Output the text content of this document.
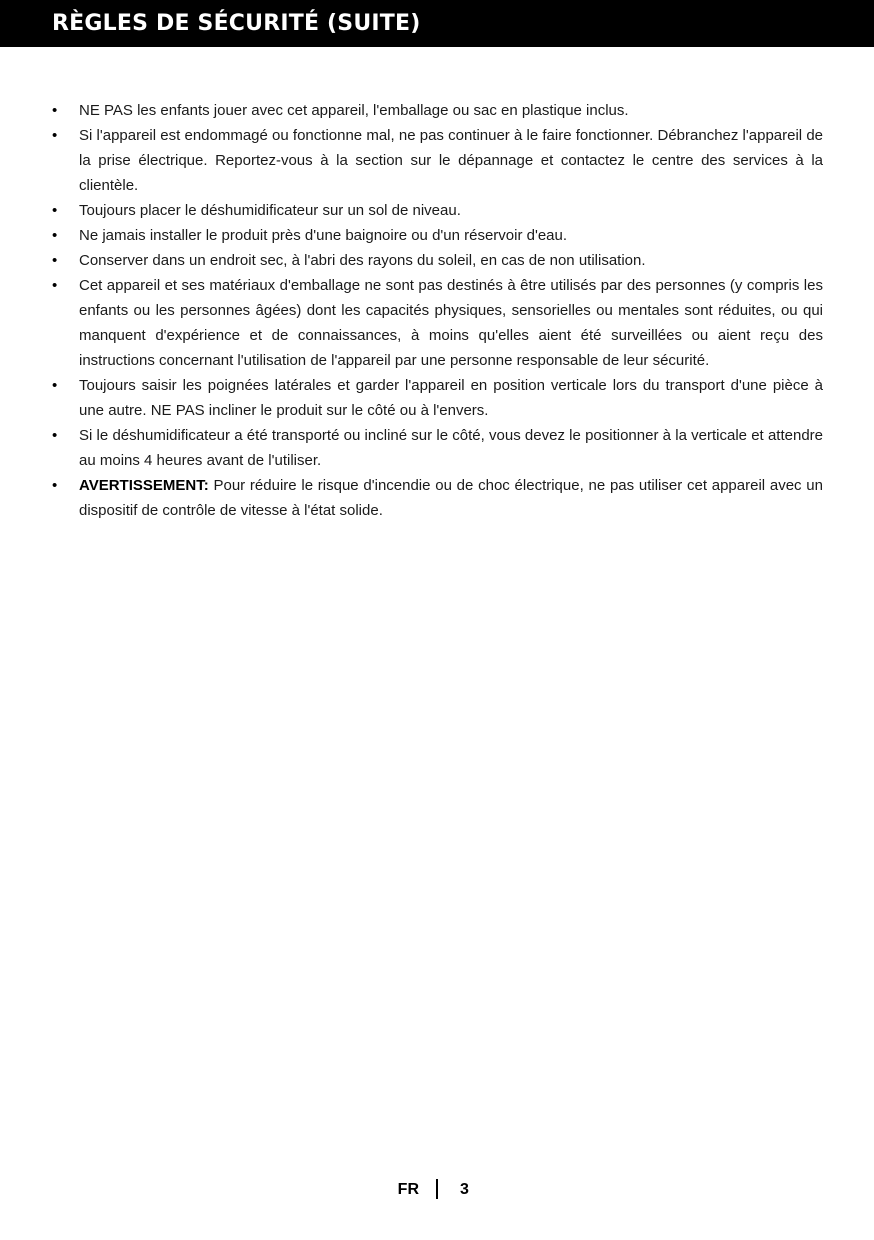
RÈGLES DE SÉCURITÉ (SUITE)
•	NE PAS les enfants jouer avec cet appareil, l'emballage ou sac en plastique inclus.
•	Si l'appareil est endommagé ou fonctionne mal, ne pas continuer à le faire fonctionner. Débranchez l'appareil de la prise électrique. Reportez-vous à la section sur le dépannage et contactez le centre des services à la clientèle.
•	Toujours placer le déshumidificateur sur un sol de niveau.
•	Ne jamais installer le produit près d'une baignoire ou d'un réservoir d'eau.
•	Conserver dans un endroit sec, à l'abri des rayons du soleil, en cas de non utilisation.
•	Cet appareil et ses matériaux d'emballage ne sont pas destinés à être utilisés par des personnes (y compris les enfants ou les personnes âgées) dont les capacités physiques, sensorielles ou mentales sont réduites, ou qui manquent d'expérience et de connaissances, à moins qu'elles aient été surveillées ou aient reçu des instructions concernant l'utilisation de l'appareil par une personne responsable de leur sécurité.
•	Toujours saisir les poignées latérales et garder l'appareil en position verticale lors du transport d'une pièce à une autre. NE PAS incliner le produit sur le côté ou à l'envers.
•	Si le déshumidificateur a été transporté ou incliné sur le côté, vous devez le positionner à la verticale et attendre au moins 4 heures avant de l'utiliser.
•	AVERTISSEMENT: Pour réduire le risque d'incendie ou de choc électrique, ne pas utiliser cet appareil avec un dispositif de contrôle de vitesse à l'état solide.
FR	3
